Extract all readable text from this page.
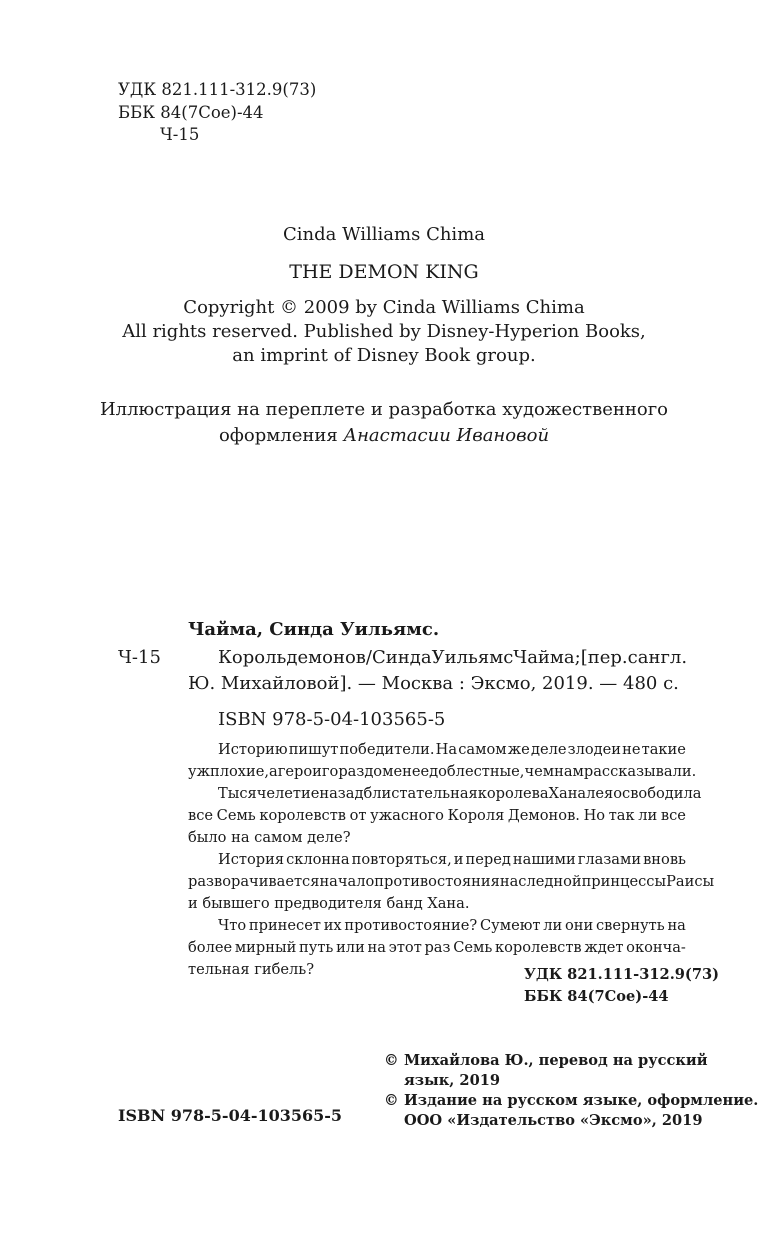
УДК 821.111-312.9(73)
ББК 84(7Сое)-44
Ч-15
Cinda Williams Chima
THE DEMON KING
Copyright © 2009 by Cinda Williams Chima
All rights reserved. Published by Disney-Hyperion Books,
an imprint of Disney Book group.
Иллюстрация на переплете и разработка художественного
оформления Анастасии Ивановой
Чайма, Синда Уильямс.
Ч-15	Король демонов / Синда Уильямс Чайма ; [пер. с англ.
Ю. Михайловой]. — Москва : Эксмо, 2019. — 480 с.
ISBN 978-5-04-103565-5
Историю пишут победители. На самом же деле злодеи не такие
уж плохие, а герои гораздо менее доблестные, чем нам рассказывали.
Тысячелетие назад блистательная королева Ханалея освободила
все Семь королевств от ужасного Короля Демонов. Но так ли все
было на самом деле?
История склонна повторяться, и перед нашими глазами вновь
разворачивается начало противостояния наследной принцессы Раисы
и бывшего предводителя банд Хана.
Что принесет их противостояние? Сумеют ли они свернуть на
более мирный путь или на этот раз Семь королевств ждет оконча-
тельная гибель?	УДК 821.111-312.9(73)
ББК 84(7Сое)-44
© Михайлова Ю., перевод на русский
язык, 2019
© Издание на русском языке, оформление.
ООО «Издательство «Эксмо», 2019
ISBN 978-5-04-103565-5
